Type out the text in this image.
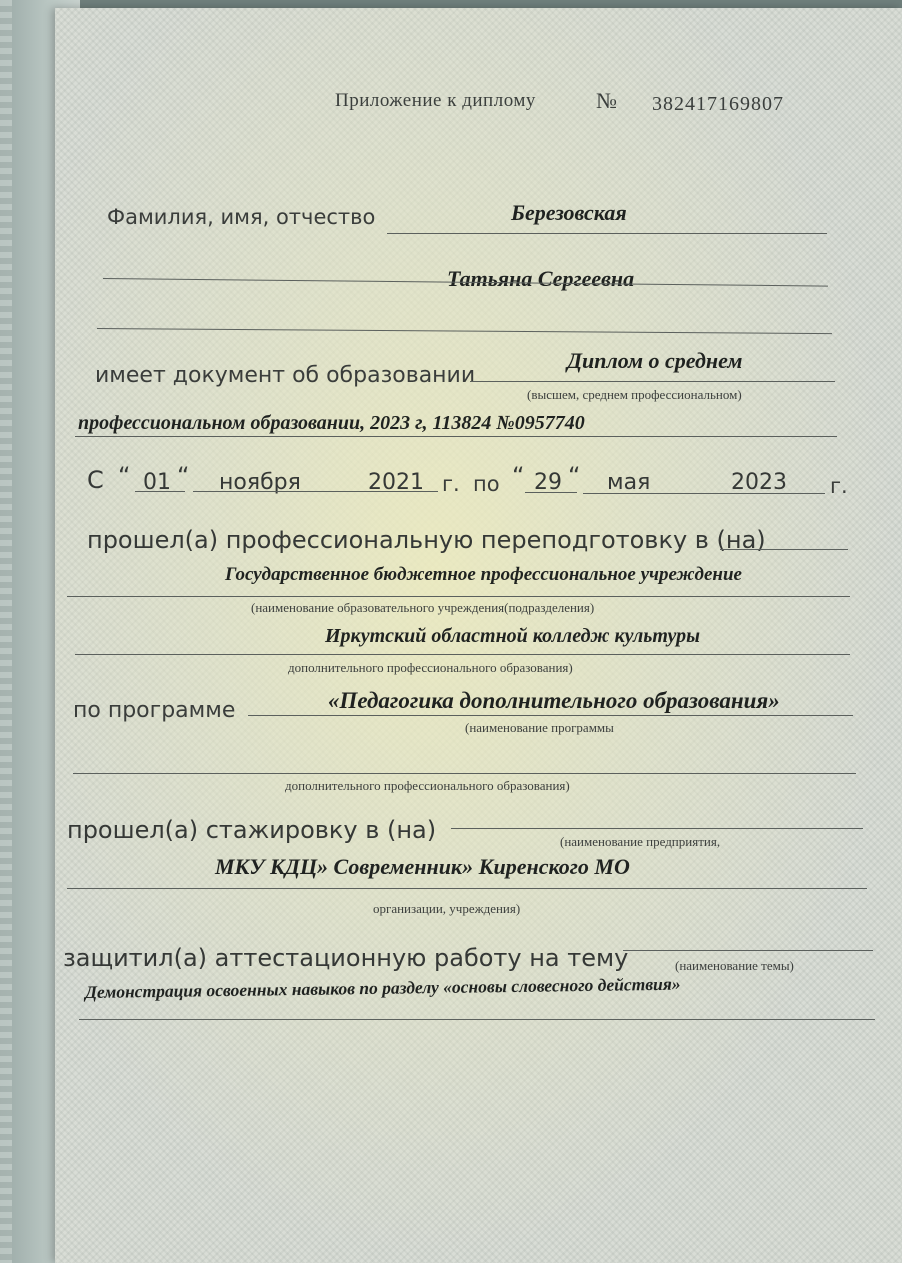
Приложение к диплому	№ 382417169807
Фамилия, имя, отчество	Березовская
Татьяна Сергеевна
имеет документ об образовании
Диплом о среднем
(высшем, среднем профессиональном)
профессиональном образовании, 2023 г, 113824 №0957740
С “ 01 “ ноября	2021 г. по “ 29 “ мая	2023 г.
прошел(а) профессиональную переподготовку в (на)
Государственное бюджетное профессиональное учреждение
(наименование образовательного учреждения(подразделения)
Иркутский областной колледж культуры
дополнительного профессионального образования)
по программе	«Педагогика дополнительного образования»
(наименование программы
дополнительного профессионального образования)
прошел(а) стажировку в (на)	(наименование предприятия,
МКУ КДЦ» Современник» Киренского МО
организации, учреждения)
защитил(а) аттестационную работу на тему	(наименование темы)
Демонстрация освоенных навыков по разделу «основы словесного действия»
